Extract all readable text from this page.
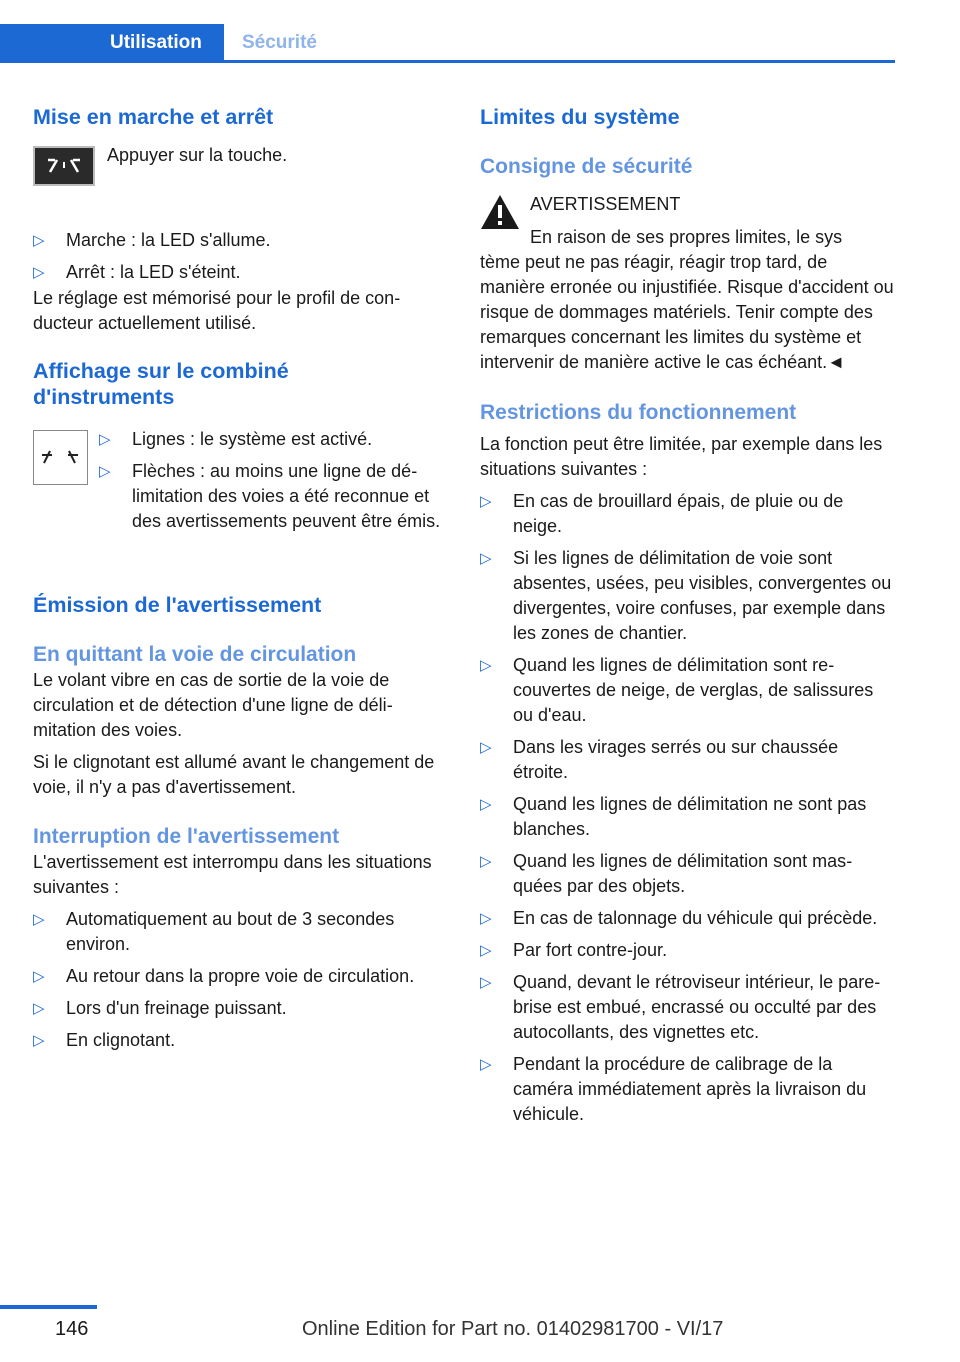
Utilisation Sécurité
Mise en marche et arrêt

Appuyer sur la touche.

▷ Marche : la LED s'allume.
▷ Arrêt : la LED s'éteint.

Le réglage est mémorisé pour le profil de conducteur actuellement utilisé.

Affichage sur le combiné
d'instruments
▷ Lignes : le système est activé.
▷ Flèches : au moins une ligne de délimitation des voies a été reconnue et des avertissements peuvent être émis.
Émission de l'avertissement
En quittant la voie de circulation

Le volant vibre en cas de sortie de la voie de circulation et de détection d'une ligne de délimitation des voies.

Si le clignotant est allumé avant le changement de voie, il n'y a pas d'avertissement.

Interruption de l'avertissement

L'avertissement est interrompu dans les situations suivantes :

▷ Automatiquement au bout de 3 secondes environ.
▷ Au retour dans la propre voie de circulation.
▷ Lors d'un freinage puissant.
▷ En clignotant.
Limites du système
Consigne de sécurité

AVERTISSEMENT

En raison de ses propres limites, le sys

tème peut ne pas réagir, réagir trop tard, de manière erronée ou injustifiée. Risque d'accident ou risque de dommages matériels. Tenir compte des remarques concernant les limites du système et intervenir de manière active le cas échéant.◄

Restrictions du fonctionnement

La fonction peut être limitée, par exemple dans les situations suivantes :

▷ En cas de brouillard épais, de pluie ou de neige.
▷ Si les lignes de délimitation de voie sont absentes, usées, peu visibles, convergentes ou divergentes, voire confuses, par exemple dans les zones de chantier.
▷ Quand les lignes de délimitation sont recouvertes de neige, de verglas, de salissures ou d'eau.
▷ Dans les virages serrés ou sur chaussée étroite.
▷ Quand les lignes de délimitation ne sont pas blanches.
▷ Quand les lignes de délimitation sont masquées par des objets.
▷ En cas de talonnage du véhicule qui précède.
▷ Par fort contre-jour.
▷ Quand, devant le rétroviseur intérieur, le pare-brise est embué, encrassé ou occulté par des autocollants, des vignettes etc.
▷ Pendant la procédure de calibrage de la caméra immédiatement après la livraison du véhicule.
146	Online Edition for Part no. 01402981700 - VI/17
